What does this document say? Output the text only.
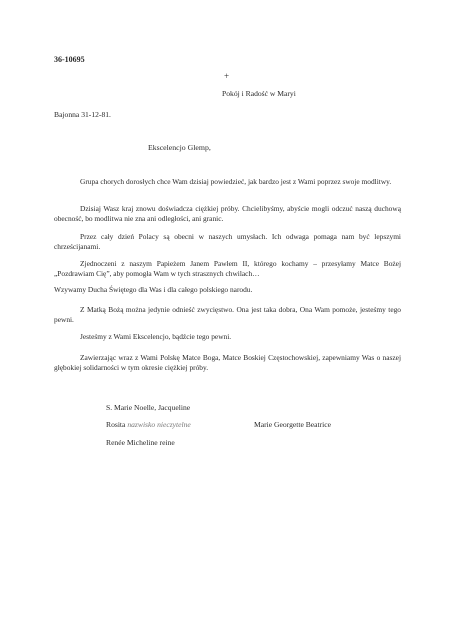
36-10695
+
Pokój i Radość w Maryi
Bajonna 31-12-81.
Ekscelencjo Glemp,
Grupa chorych dorosłych chce Wam dzisiaj powiedzieć, jak bardzo jest z Wami poprzez swoje modlitwy.
Dzisiaj Wasz kraj znowu doświadcza ciężkiej próby. Chcielibyśmy, abyście mogli odczuć naszą duchową obecność, bo modlitwa nie zna ani odległości, ani granic.
Przez cały dzień Polacy są obecni w naszych umysłach. Ich odwaga pomaga nam być lepszymi chrześcijanami.
Zjednoczeni z naszym Papieżem Janem Pawłem II, którego kochamy – przesyłamy Matce Bożej „Pozdrawiam Cię”, aby pomogła Wam w tych strasznych chwilach…
Wzywamy Ducha Świętego dla Was i dla całego polskiego narodu.
Z Matką Bożą można jedynie odnieść zwycięstwo. Ona jest taka dobra, Ona Wam pomoże, jesteśmy tego pewni.
Jesteśmy z Wami Ekscelencjo, bądźcie tego pewni.
Zawierzając wraz z Wami Polskę Matce Boga, Matce Boskiej Częstochowskiej, zapewniamy Was o naszej głębokiej solidarności w tym okresie ciężkiej próby.
S. Marie Noelle, Jacqueline
Rosita nazwisko nieczytelne	Marie Georgette Beatrice
Renée Micheline reine
